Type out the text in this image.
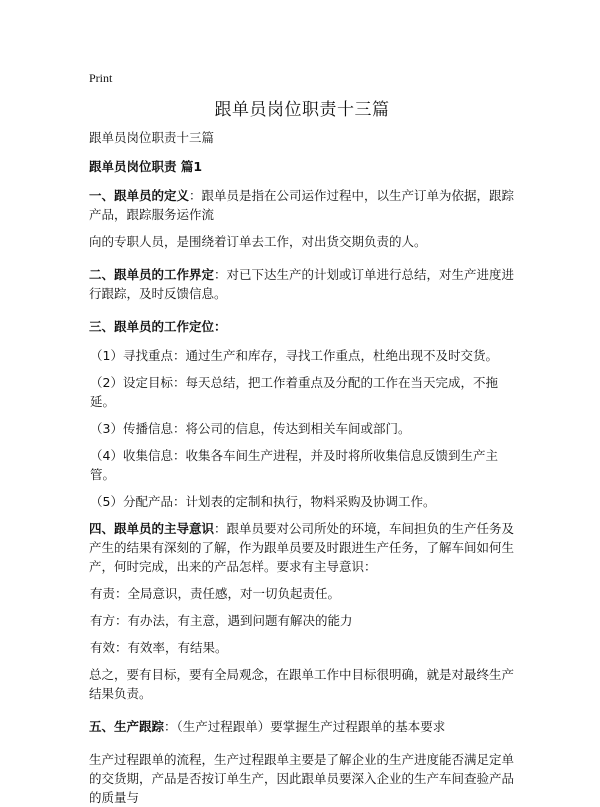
Print
跟单员岗位职责十三篇

跟单员岗位职责十三篇

跟单员岗位职责 篇1

一、跟单员的定义：跟单员是指在公司运作过程中，以生产订单为依据，跟踪产品，跟踪服务运作流

向的专职人员，是围绕着订单去工作，对出货交期负责的人。

二、跟单员的工作界定：对已下达生产的计划或订单进行总结，对生产进度进行跟踪，及时反馈信息。

三、跟单员的工作定位：

（1）寻找重点：通过生产和库存，寻找工作重点，杜绝出现不及时交货。

（2）设定目标：每天总结，把工作着重点及分配的工作在当天完成，不拖延。

（3）传播信息：将公司的信息，传达到相关车间或部门。

（4）收集信息：收集各车间生产进程，并及时将所收集信息反馈到生产主管。

（5）分配产品：计划表的定制和执行，物料采购及协调工作。

四、跟单员的主导意识：跟单员要对公司所处的环境，车间担负的生产任务及产生的结果有深刻的了解，作为跟单员要及时跟进生产任务，了解车间如何生产，何时完成，出来的产品怎样。要求有主导意识：

有责：全局意识，责任感，对一切负起责任。

有方：有办法，有主意，遇到问题有解决的能力

有效：有效率，有结果。

总之，要有目标，要有全局观念，在跟单工作中目标很明确，就是对最终生产结果负责。

五、生产跟踪：（生产过程跟单）要掌握生产过程跟单的基本要求

生产过程跟单的流程，生产过程跟单主要是了解企业的生产进度能否满足定单的交货期，产品是否按订单生产，因此跟单员要深入企业的生产车间查验产品的质量与
